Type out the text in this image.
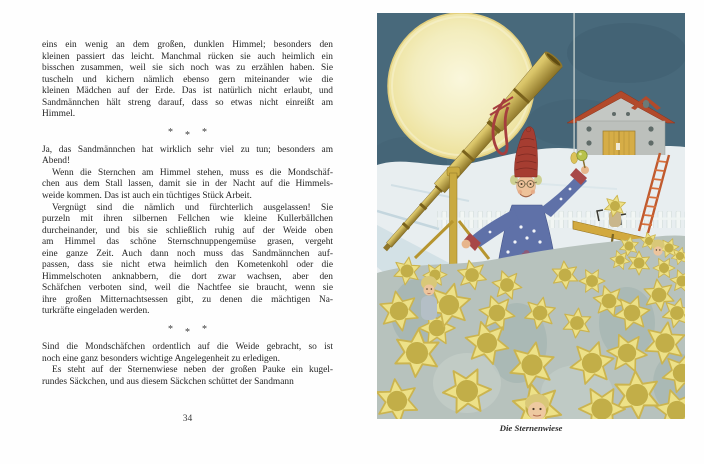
eins ein wenig an dem großen, dunklen Himmel; besonders den
kleinen passiert das leicht. Manchmal rücken sie auch heimlich ein
bisschen zusammen, weil sie sich noch was zu erzählen haben. Sie
tuscheln und kichern nämlich ebenso gern miteinander wie die
kleinen Mädchen auf der Erde. Das ist natürlich nicht erlaubt, und
Sandmännchen hält streng darauf, dass so etwas nicht einreißt am
Himmel.
* * *
Ja, das Sandmännchen hat wirklich sehr viel zu tun; besonders am
Abend!
Wenn die Sternchen am Himmel stehen, muss es die Mondschäf-
chen aus dem Stall lassen, damit sie in der Nacht auf die Himmels-
weide kommen. Das ist auch ein tüchtiges Stück Arbeit.
Vergnügt sind die nämlich und fürchterlich ausgelassen! Sie
purzeln mit ihren silbernen Fellchen wie kleine Kullerbällchen
durcheinander, und bis sie schließlich ruhig auf der Weide oben
am Himmel das schöne Sternschnuppengemüse grasen, vergeht
eine ganze Zeit. Auch dann noch muss das Sandmännchen auf-
passen, dass sie nicht etwa heimlich den Kometenkohl oder die
Himmelschoten anknabbern, die dort zwar wachsen, aber den
Schäfchen verboten sind, weil die Nachtfee sie braucht, wenn sie
ihre großen Mitternachtsessen gibt, zu denen die mächtigen Na-
turkräfte eingeladen werden.
* * *
Sind die Mondschäfchen ordentlich auf die Weide gebracht, so ist
noch eine ganz besonders wichtige Angelegenheit zu erledigen.
Es steht auf der Sternenwiese neben der großen Pauke ein kugel-
rundes Säckchen, und aus diesem Säckchen schüttet der Sandmann
34
Die Sternenwiese
